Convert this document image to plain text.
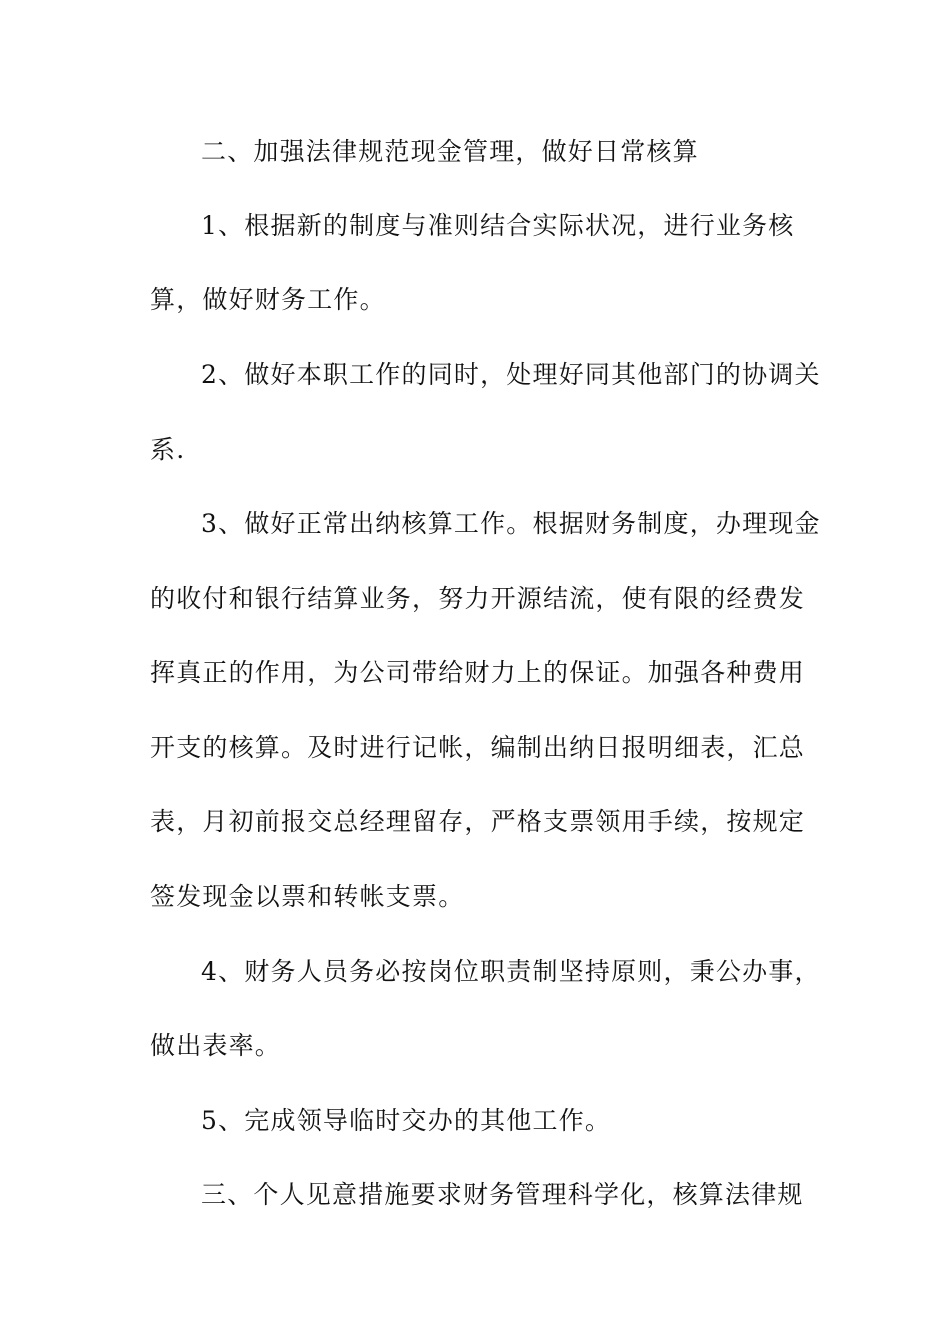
二、加强法律规范现金管理，做好日常核算
1、根据新的制度与准则结合实际状况，进行业务核
算，做好财务工作。
2、做好本职工作的同时，处理好同其他部门的协调关
系.
3、做好正常出纳核算工作。根据财务制度，办理现金
的收付和银行结算业务，努力开源结流，使有限的经费发
挥真正的作用，为公司带给财力上的保证。加强各种费用
开支的核算。及时进行记帐，编制出纳日报明细表，汇总
表，月初前报交总经理留存，严格支票领用手续，按规定
签发现金以票和转帐支票。
4、财务人员务必按岗位职责制坚持原则，秉公办事，
做出表率。
5、完成领导临时交办的其他工作。
三、个人见意措施要求财务管理科学化，核算法律规
